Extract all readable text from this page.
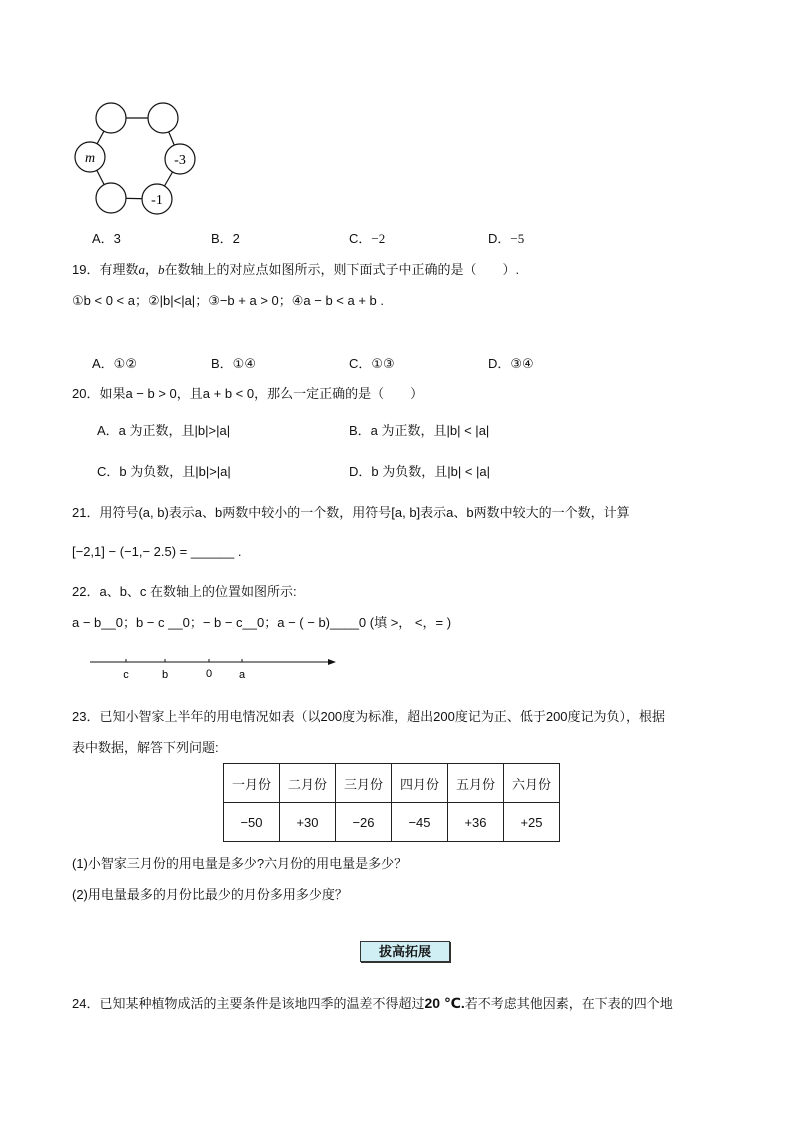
m	-3
-1
A．3	B．2	C．−2	D．−5
19．有理数a，b在数轴上的对应点如图所示，则下面式子中正确的是（　　）.
①b < 0 < a；②|b|<|a|；③−b + a > 0；④a − b < a + b .
A．①②	B．①④	C．①③	D．③④
20．如果a − b > 0，且a + b < 0，那么一定正确的是（　　）
A．a 为正数，且|b|>|a|	B．a 为正数，且|b| < |a|
C．b 为负数，且|b|>|a|	D．b 为负数，且|b| < |a|
21．用符号(a, b)表示a、b两数中较小的一个数，用符号[a, b]表示a、b两数中较大的一个数，计算
[−2,1] − (−1,− 2.5) = ______ .
22．a、b、c 在数轴上的位置如图所示:
a − b__0；b − c __0；− b − c__0；a − ( − b)____0 (填 >， <，= )
c	b	0 a
23．已知小智家上半年的用电情况如表（以200度为标准，超出200度记为正、低于200度记为负），根据
表中数据，解答下列问题:
一月份	二月份	三月份	四月份	五月份	六月份
−50	+30	−26	−45	+36	+25
(1)小智家三月份的用电量是多少?六月份的用电量是多少？
(2)用电量最多的月份比最少的月份多用多少度？
拔高拓展
24．已知某种植物成活的主要条件是该地四季的温差不得超过20 ℃.若不考虑其他因素，在下表的四个地
